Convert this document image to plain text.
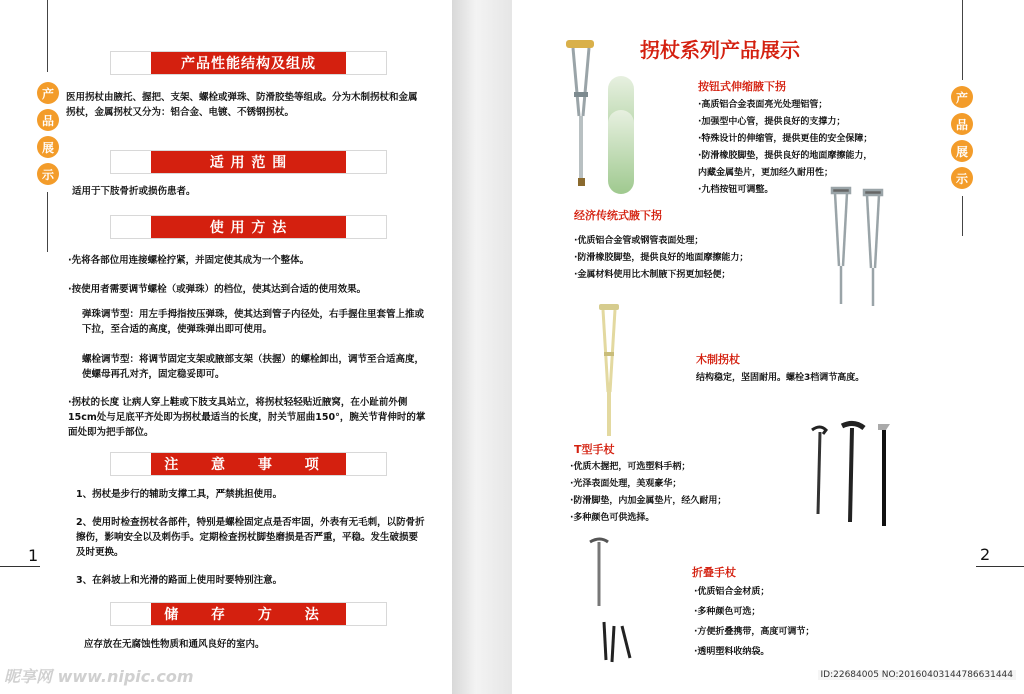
产
品
展
示
产品性能结构及组成
医用拐杖由腋托、握把、支架、螺栓或弹珠、防滑胶垫等组成。分为木制拐杖和金属拐杖，金属拐杖又分为：铝合金、电镀、不锈钢拐杖。
适 用 范 围
适用于下肢骨折或损伤患者。
使 用 方 法
·先将各部位用连接螺栓拧紧，并固定使其成为一个整体。
·按使用者需要调节螺栓（或弹珠）的档位，使其达到合适的使用效果。
弹珠调节型：用左手拇指按压弹珠，使其达到管子内径处，右手握住里套管上推或下拉，至合适的高度，使弹珠弹出即可使用。
螺栓调节型：将调节固定支架或腋部支架（扶握）的螺栓卸出，调节至合适高度，使螺母再孔对齐，固定稳妥即可。
·拐杖的长度 让病人穿上鞋或下肢支具站立，将拐杖轻轻贴近腋窝，在小趾前外侧15cm处与足底平齐处即为拐杖最适当的长度，肘关节屈曲150°，腕关节背伸时的掌面处即为把手部位。
注 意 事 项
1、拐杖是步行的辅助支撑工具，严禁挑担使用。
2、使用时检查拐杖各部件，特别是螺栓固定点是否牢固，外表有无毛刺，以防骨折擦伤，影响安全以及刺伤手。定期检查拐杖脚垫磨损是否严重，平稳。发生破损要及时更换。
3、在斜坡上和光滑的路面上使用时要特别注意。
储 存 方 法
应存放在无腐蚀性物质和通风良好的室内。
1
昵享网 www.nipic.com
拐杖系列产品展示
产
品
展
示
按钮式伸缩腋下拐
·高质铝合金表面亮光处理铝管；
·加强型中心管，提供良好的支撑力；
·特殊设计的伸缩管，提供更佳的安全保障；
·防滑橡胶脚垫，提供良好的地面摩擦能力，
内藏金属垫片，更加经久耐用性；
·九档按钮可调整。
经济传统式腋下拐
·优质铝合金管或钢管表面处理；
·防滑橡胶脚垫，提供良好的地面摩擦能力；
·金属材料使用比木制腋下拐更加轻便；
木制拐杖
结构稳定，坚固耐用。螺栓3档调节高度。
T型手杖
·优质木握把，可选塑料手柄；
·光泽表面处理，美观豪华；
·防滑脚垫，内加金属垫片，经久耐用；
·多种颜色可供选择。
折叠手杖
·优质铝合金材质；
·多种颜色可选；
·方便折叠携带，高度可调节；
·透明塑料收纳袋。
2
ID:22684005 NO:20160403144786631444
